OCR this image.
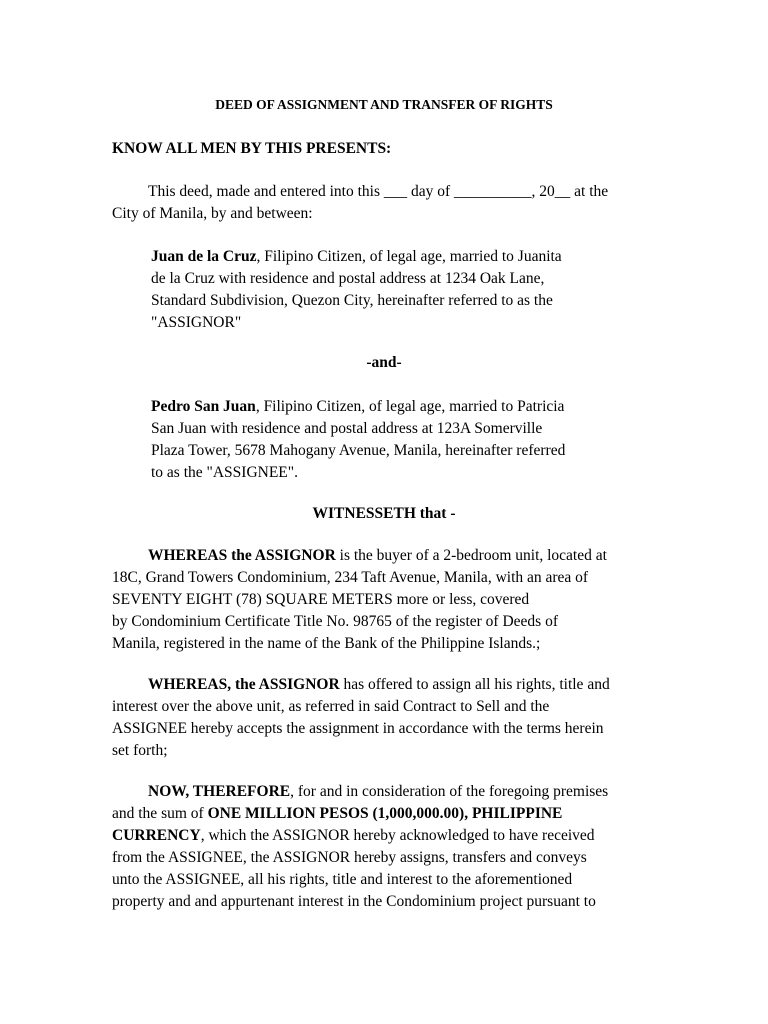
DEED OF ASSIGNMENT AND TRANSFER OF RIGHTS
KNOW ALL MEN BY THIS PRESENTS:
This deed, made and entered into this ___ day of __________, 20__ at the
City of Manila, by and between:
Juan de la Cruz, Filipino Citizen, of legal age, married to Juanita
de la Cruz with residence and postal address at 1234 Oak Lane,
Standard Subdivision, Quezon City, hereinafter referred to as the
"ASSIGNOR"
-and-
Pedro San Juan, Filipino Citizen, of legal age, married to Patricia
San Juan with residence and postal address at 123A Somerville
Plaza Tower, 5678 Mahogany Avenue, Manila, hereinafter referred
to as the "ASSIGNEE".
WITNESSETH that -
WHEREAS the ASSIGNOR is the buyer of a 2-bedroom unit, located at
18C, Grand Towers Condominium, 234 Taft Avenue, Manila, with an area of
SEVENTY EIGHT (78) SQUARE METERS more or less, covered
by Condominium Certificate Title No. 98765 of the register of Deeds of
Manila, registered in the name of the Bank of the Philippine Islands.;
WHEREAS, the ASSIGNOR has offered to assign all his rights, title and
interest over the above unit, as referred in said Contract to Sell and the
ASSIGNEE hereby accepts the assignment in accordance with the terms herein
set forth;
NOW, THEREFORE, for and in consideration of the foregoing premises
and the sum of ONE MILLION PESOS (1,000,000.00), PHILIPPINE
CURRENCY, which the ASSIGNOR hereby acknowledged to have received
from the ASSIGNEE, the ASSIGNOR hereby assigns, transfers and conveys
unto the ASSIGNEE, all his rights, title and interest to the aforementioned
property and and appurtenant interest in the Condominium project pursuant to
